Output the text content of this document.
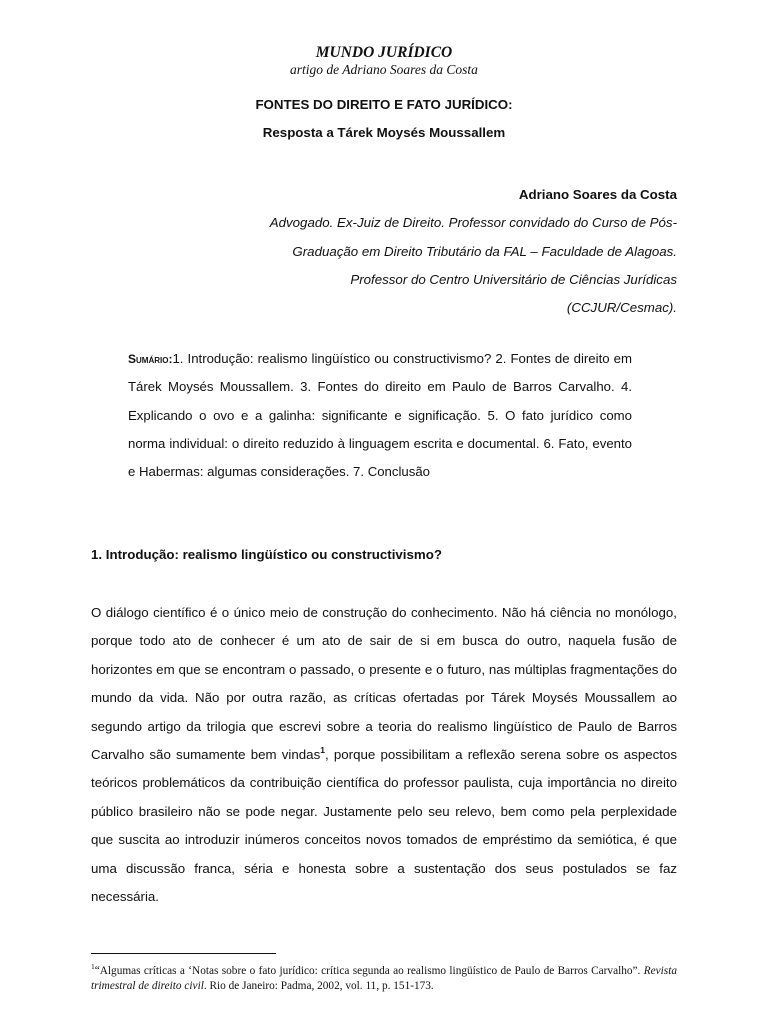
MUNDO JURÍDICO
artigo de Adriano Soares da Costa
FONTES DO DIREITO E FATO JURÍDICO:
Resposta a Tárek Moysés Moussallem
Adriano Soares da Costa
Advogado. Ex-Juiz de Direito. Professor convidado do Curso de Pós-
Graduação em Direito Tributário da FAL – Faculdade de Alagoas.
Professor do Centro Universitário de Ciências Jurídicas
(CCJUR/Cesmac).
Sumário:1. Introdução: realismo lingüístico ou constructivismo? 2. Fontes de direito em Tárek Moysés Moussallem. 3. Fontes do direito em Paulo de Barros Carvalho. 4. Explicando o ovo e a galinha: significante e significação. 5. O fato jurídico como norma individual: o direito reduzido à linguagem escrita e documental. 6. Fato, evento e Habermas: algumas considerações. 7. Conclusão
1. Introdução: realismo lingüístico ou constructivismo?

O diálogo científico é o único meio de construção do conhecimento. Não há ciência no monólogo, porque todo ato de conhecer é um ato de sair de si em busca do outro, naquela fusão de horizontes em que se encontram o passado, o presente e o futuro, nas múltiplas fragmentações do mundo da vida. Não por outra razão, as críticas ofertadas por Tárek Moysés Moussallem ao segundo artigo da trilogia que escrevi sobre a teoria do realismo lingüístico de Paulo de Barros Carvalho são sumamente bem vindas$^1$, porque possibilitam a reflexão serena sobre os aspectos teóricos problemáticos da contribuição científica do professor paulista, cuja importância no direito público brasileiro não se pode negar. Justamente pelo seu relevo, bem como pela perplexidade que suscita ao introduzir inúmeros conceitos novos tomados de empréstimo da semiótica, é que uma discussão franca, séria e honesta sobre a sustentação dos seus postulados se faz necessária.

$^1$“Algumas críticas a ‘Notas sobre o fato jurídico: crítica segunda ao realismo lingüístico de Paulo de Barros Carvalho”. Revista trimestral de direito civil. Rio de Janeiro: Padma, 2002, vol. 11, p. 151-173.
